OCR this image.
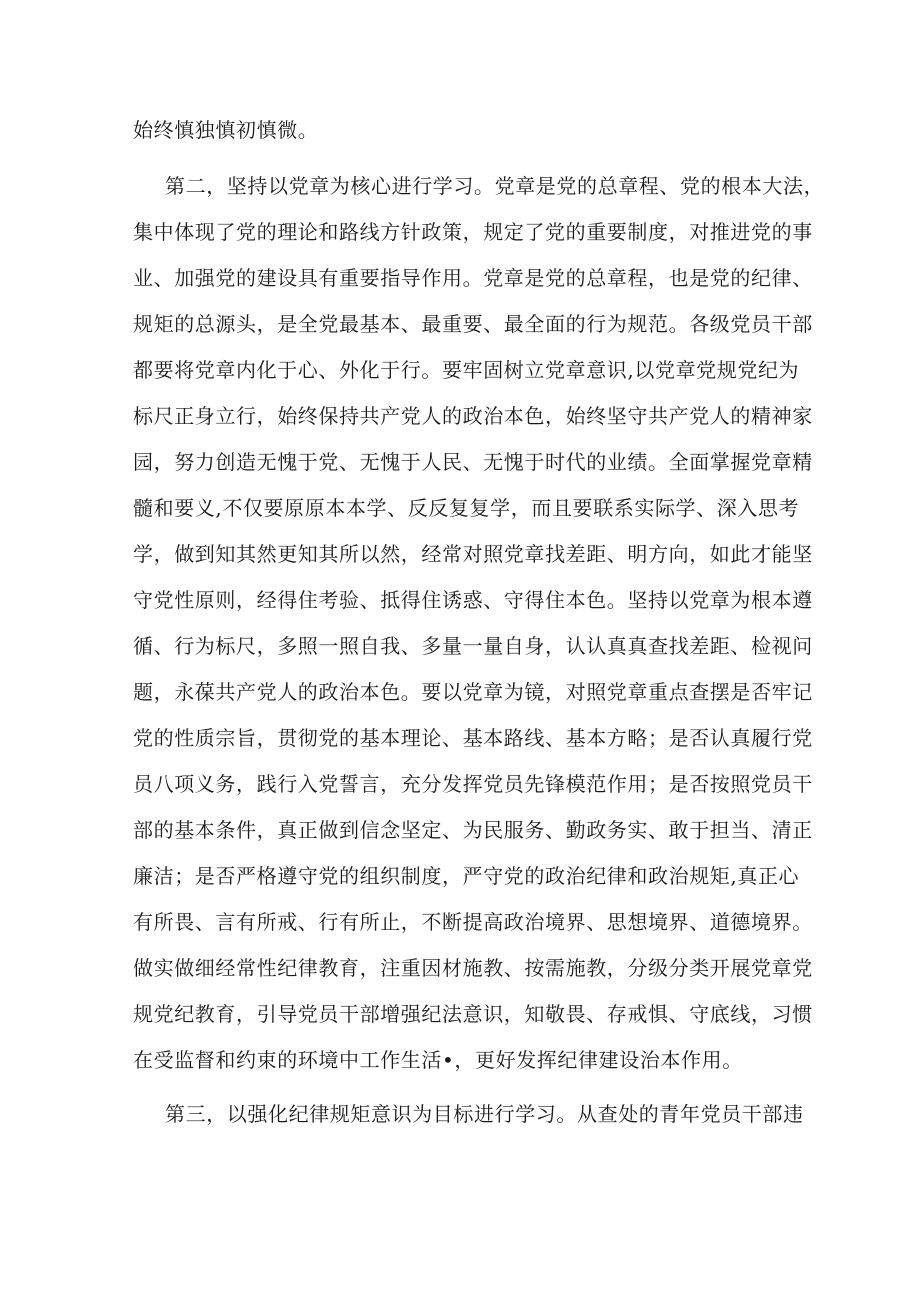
始终慎独慎初慎微。
第二，坚持以党章为核心进行学习。党章是党的总章程、党的根本大法，
集中体现了党的理论和路线方针政策，规定了党的重要制度，对推进党的事
业、加强党的建设具有重要指导作用。党章是党的总章程，也是党的纪律、
规矩的总源头，是全党最基本、最重要、最全面的行为规范。各级党员干部
都要将党章内化于心、外化于行。要牢固树立党章意识,以党章党规党纪为
标尺正身立行，始终保持共产党人的政治本色，始终坚守共产党人的精神家
园，努力创造无愧于党、无愧于人民、无愧于时代的业绩。全面掌握党章精
髓和要义,不仅要原原本本学、反反复复学，而且要联系实际学、深入思考
学，做到知其然更知其所以然，经常对照党章找差距、明方向，如此才能坚
守党性原则，经得住考验、抵得住诱惑、守得住本色。坚持以党章为根本遵
循、行为标尺，多照一照自我、多量一量自身，认认真真查找差距、检视问
题，永葆共产党人的政治本色。要以党章为镜，对照党章重点查摆是否牢记
党的性质宗旨，贯彻党的基本理论、基本路线、基本方略；是否认真履行党
员八项义务，践行入党誓言，充分发挥党员先锋模范作用；是否按照党员干
部的基本条件，真正做到信念坚定、为民服务、勤政务实、敢于担当、清正
廉洁；是否严格遵守党的组织制度，严守党的政治纪律和政治规矩,真正心
有所畏、言有所戒、行有所止，不断提高政治境界、思想境界、道德境界。
做实做细经常性纪律教育，注重因材施教、按需施教，分级分类开展党章党
规党纪教育，引导党员干部增强纪法意识，知敬畏、存戒惧、守底线，习惯
在受监督和约束的环境中工作生活•，更好发挥纪律建设治本作用。
第三，以强化纪律规矩意识为目标进行学习。从查处的青年党员干部违
